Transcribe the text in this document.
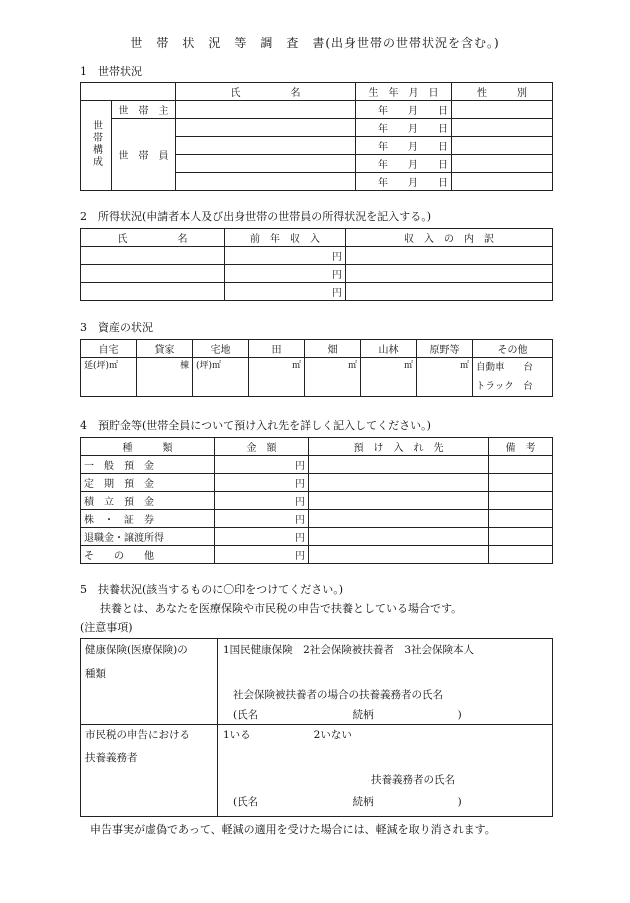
世　帯　状　況　等　調　査　書(出身世帯の世帯状況を含む。)
1　世帯状況
		氏　　　　　名	生　年　月　日	性　　　別
世帯構成	世　帯　主		年　　月　　日	
	世　帯　員		年　　月　　日	
			年　　月　　日	
			年　　月　　日	
			年　　月　　日	
2　所得状況(申請者本人及び出身世帯の世帯員の所得状況を記入する。)
氏　　　　　名	前　年　収　入	収　入　の　内　訳
	円	
	円	
	円	
3　資産の状況
自宅	貸家	宅地	田	畑	山林	原野等	その他
延(坪)㎡	棟	(坪)㎡	㎡	㎡	㎡	㎡	自動車　　台
トラック　台
4　預貯金等(世帯全員について預け入れ先を詳しく記入してください。)
種　　　類	金　額	預　け　入　れ　先	備　考
一　般　預　金	円		
定　期　預　金	円		
積　立　預　金	円		
株　・　証　券	円		
退職金・譲渡所得	円		
そ　　の　　他	円		
5　扶養状況(該当するものに〇印をつけてください。)
扶養とは、あなたを医療保険や市民税の申告で扶養としている場合です。
(注意事項)
健康保険(医療保険)の
種類
1国民健康保険　2社会保険被扶養者　3社会保険本人
社会保険被扶養者の場合の扶養義務者の氏名
(氏名　　　　　　　　　続柄　　　　　　　　)
市民税の申告における
扶養義務者
1いる　　　　　　2いない
扶養義務者の氏名
(氏名　　　　　　　　　続柄　　　　　　　　)
申告事実が虚偽であって、軽減の適用を受けた場合には、軽減を取り消されます。
